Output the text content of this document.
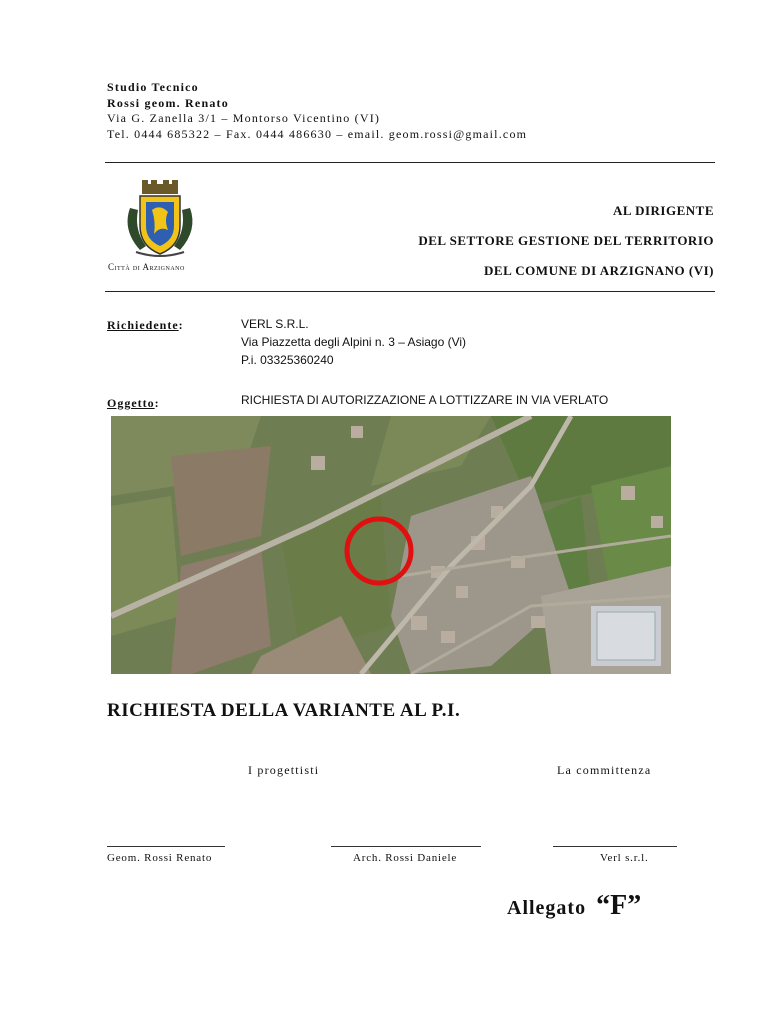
Studio Tecnico
Rossi geom. Renato
Via G. Zanella 3/1 – Montorso Vicentino (VI)
Tel. 0444 685322 – Fax. 0444 486630 – email. geom.rossi@gmail.com
Città di Arzignano
AL DIRIGENTE
DEL SETTORE GESTIONE DEL TERRITORIO
DEL COMUNE DI ARZIGNANO (VI)
Richiedente:	VERL S.R.L.
Via Piazzetta degli Alpini n. 3 – Asiago (Vi)
P.i. 03325360240
Oggetto:	RICHIESTA DI AUTORIZZAZIONE A LOTTIZZARE IN VIA VERLATO
RICHIESTA DELLA VARIANTE AL P.I.
I progettisti	La committenza
Geom. Rossi Renato	Arch. Rossi Daniele	Verl s.r.l.
Allegato “F”
